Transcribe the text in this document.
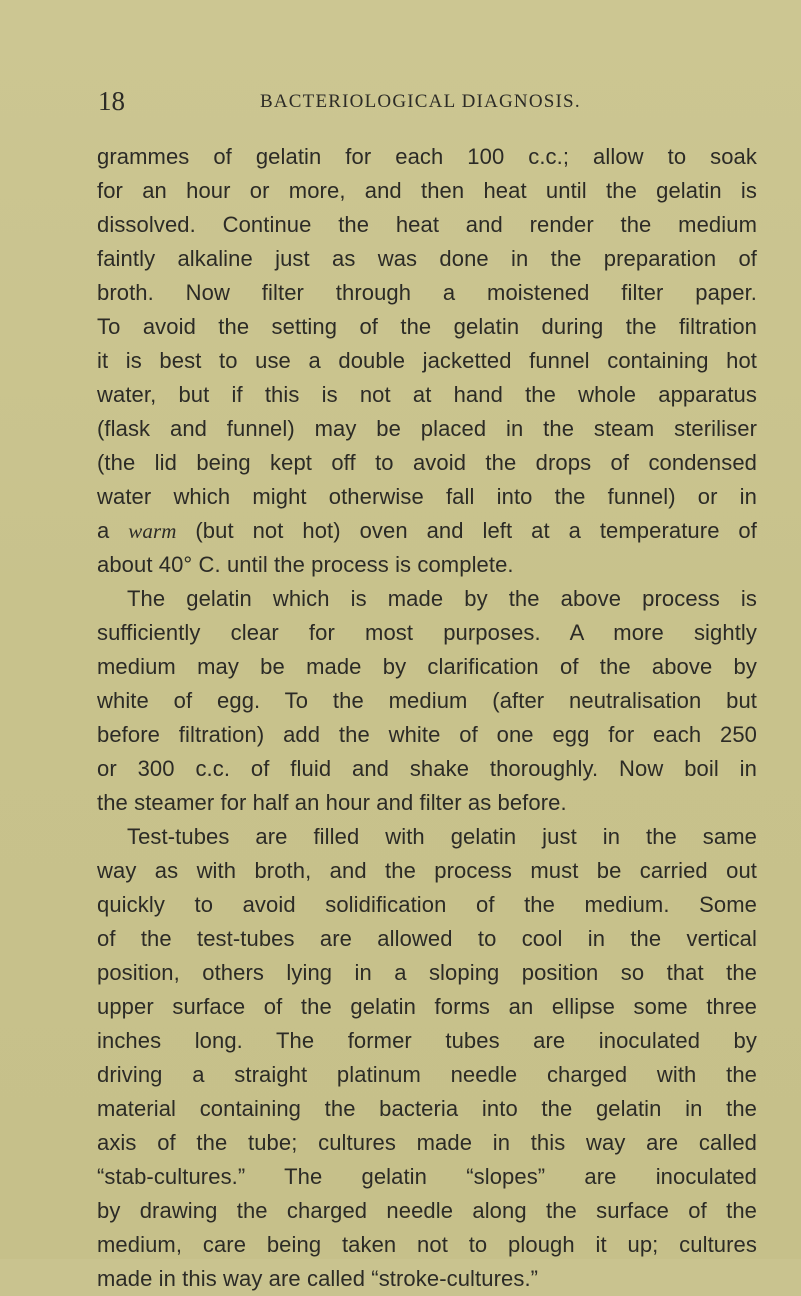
18	BACTERIOLOGICAL DIAGNOSIS.
grammes of gelatin for each 100 c.c.; allow to soak
for an hour or more, and then heat until the gelatin is
dissolved. Continue the heat and render the medium
faintly alkaline just as was done in the preparation of
broth. Now filter through a moistened filter paper.
To avoid the setting of the gelatin during the filtration
it is best to use a double jacketted funnel containing hot
water, but if this is not at hand the whole apparatus
(flask and funnel) may be placed in the steam steriliser
(the lid being kept off to avoid the drops of condensed
water which might otherwise fall into the funnel) or in
a warm (but not hot) oven and left at a temperature of
about 40° C. until the process is complete.
The gelatin which is made by the above process is
sufficiently clear for most purposes. A more sightly
medium may be made by clarification of the above by
white of egg. To the medium (after neutralisation but
before filtration) add the white of one egg for each 250
or 300 c.c. of fluid and shake thoroughly. Now boil in
the steamer for half an hour and filter as before.
Test-tubes are filled with gelatin just in the same
way as with broth, and the process must be carried out
quickly to avoid solidification of the medium. Some
of the test-tubes are allowed to cool in the vertical
position, others lying in a sloping position so that the
upper surface of the gelatin forms an ellipse some three
inches long. The former tubes are inoculated by
driving a straight platinum needle charged with the
material containing the bacteria into the gelatin in the
axis of the tube; cultures made in this way are called
“stab-cultures.” The gelatin “slopes” are inoculated
by drawing the charged needle along the surface of the
medium, care being taken not to plough it up; cultures
made in this way are called “stroke-cultures.”
